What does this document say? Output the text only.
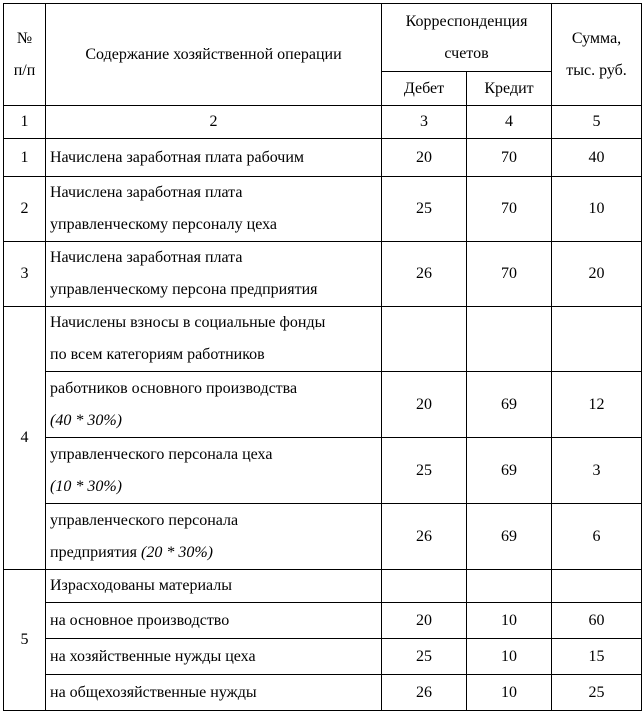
№
п/п	Содержание хозяйственной операции	Корреспонденция
счетов		Сумма,
тыс. руб.

		Дебет	Кредит	
1	2	3	4	5
1	Начислена заработная плата рабочим	20	70	40
2	Начислена заработная плата
управленческому персоналу цеха	25	70	10
3	Начислена заработная плата
управленческому персона предприятия	26	70	20
4	Начислены взносы в социальные фонды
по всем категориям работников			

	работников основного производства
(40 * 30%)	20	69	12

	управленческого персонала цеха
(10 * 30%)	25	69	3

	управленческого персонала
предприятия (20 * 30%)	26	69	6
5	Израсходованы материалы			
	на основное производство	20	10	60
	на хозяйственные нужды цеха	25	10	15
	на общехозяйственные нужды	26	10	25
